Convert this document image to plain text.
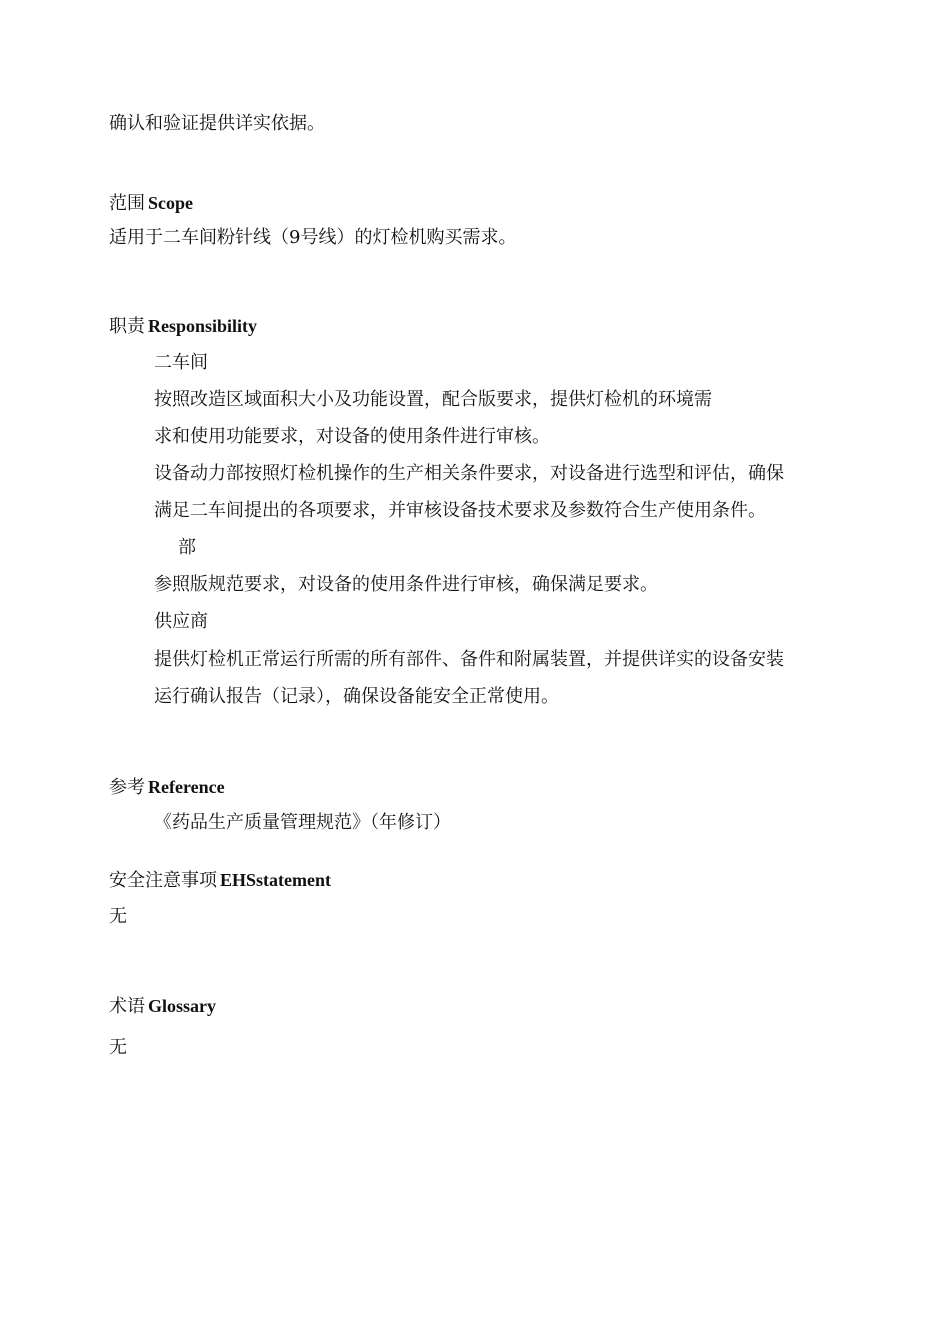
确认和验证提供详实依据。
范围 Scope
适用于二车间粉针线（9号线）的灯检机购买需求。
职责 Responsibility
二车间
按照改造区域面积大小及功能设置，配合版要求，提供灯检机的环境需
求和使用功能要求，对设备的使用条件进行审核。
设备动力部按照灯检机操作的生产相关条件要求，对设备进行选型和评估，确保
满足二车间提出的各项要求，并审核设备技术要求及参数符合生产使用条件。
部
参照版规范要求，对设备的使用条件进行审核，确保满足要求。
供应商
提供灯检机正常运行所需的所有部件、备件和附属装置，并提供详实的设备安装
运行确认报告（记录），确保设备能安全正常使用。
参考 Reference
《药品生产质量管理规范》（年修订）
安全注意事项 EHSstatement
无
术语 Glossary
无
